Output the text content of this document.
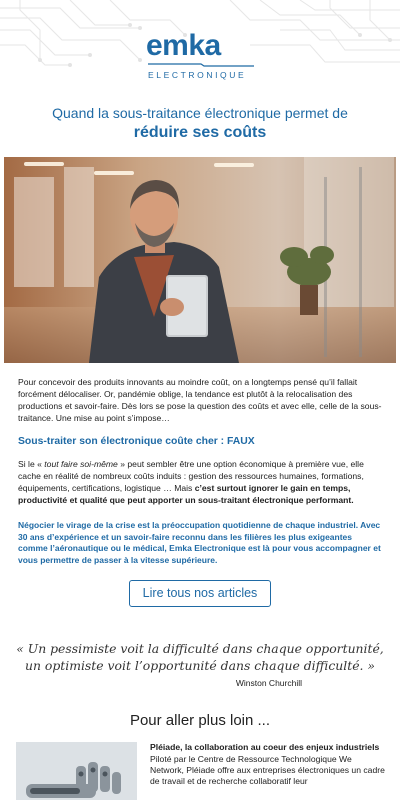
emka
ELECTRONIQUE
Quand la sous-traitance électronique permet de
réduire ses coûts

Pour concevoir des produits innovants au moindre coût, on a longtemps pensé qu’il fallait forcément délocaliser. Or, pandémie oblige, la tendance est plutôt à la relocalisation des productions et savoir-faire. Dès lors se pose la question des coûts et avec elle, celle de la sous-traitance. Une mise au point s’impose…

Sous-traiter son électronique coûte cher : FAUX

Si le « tout faire soi-même » peut sembler être une option économique à première vue, elle cache en réalité de nombreux coûts induits : gestion des ressources humaines, formations, équipements, certifications, logistique … Mais c’est surtout ignorer le gain en temps, productivité et qualité que peut apporter un sous-traitant électronique performant.

Négocier le virage de la crise est la préoccupation quotidienne de chaque industriel. Avec 30 ans d’expérience et un savoir-faire reconnu dans les filières les plus exigeantes comme l’aéronautique ou le médical, Emka Electronique est là pour vous accompagner et vous permettre de passer à la vitesse supérieure.

Lire tous nos articles
« Un pessimiste voit la difficulté dans chaque opportunité,
un optimiste voit l’opportunité dans chaque difficulté. »
Winston Churchill
Pour aller plus loin ...
Pléiade, la collaboration au coeur des enjeux industriels
Piloté par le Centre de Ressource Technologique We Network, Pléiade offre aux entreprises électroniques un cadre de travail et de recherche collaboratif leur
